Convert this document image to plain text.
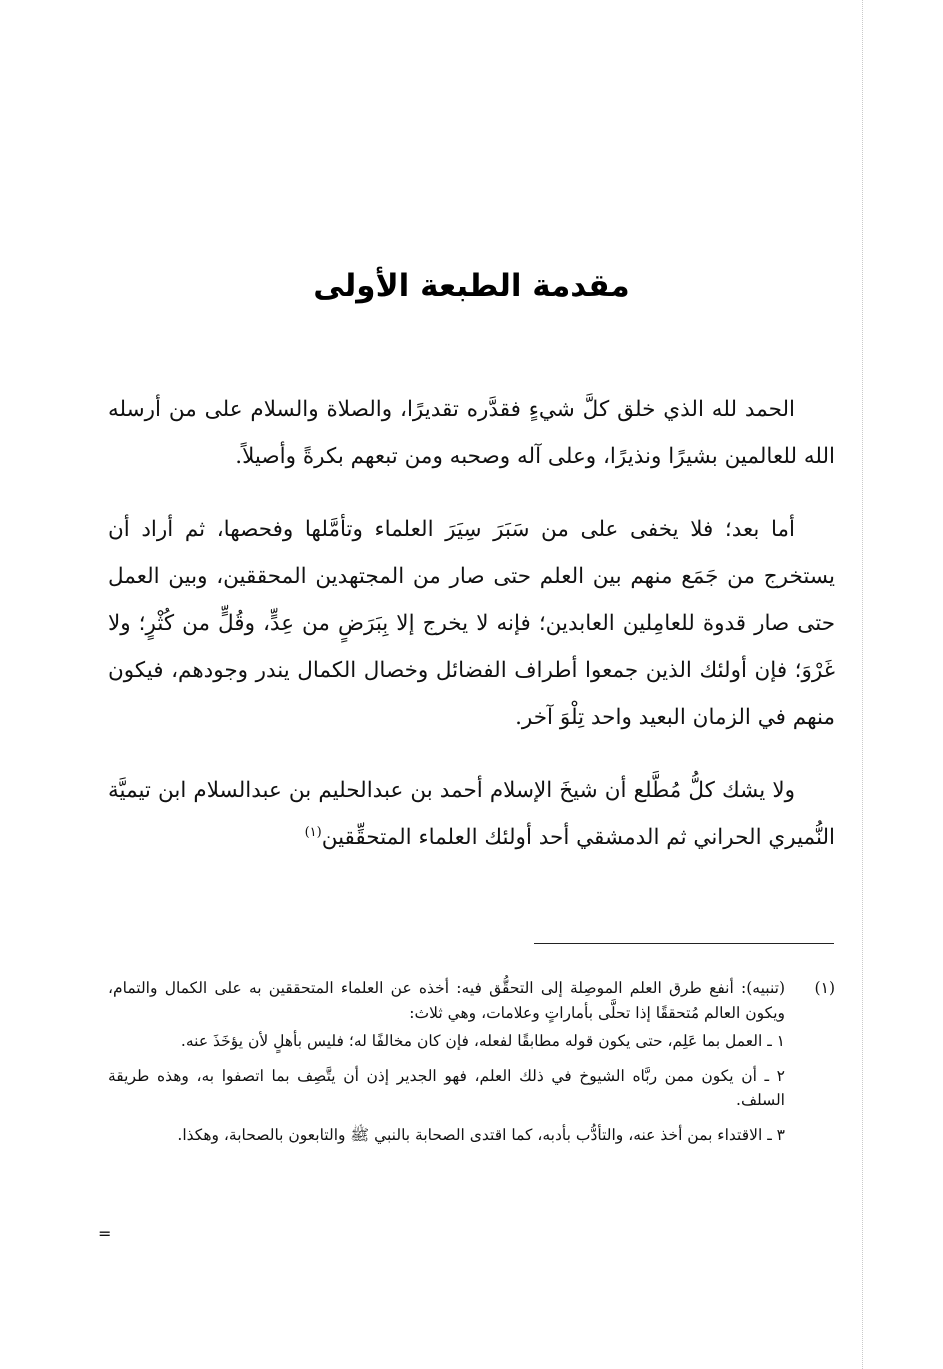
مقدمة الطبعة الأولى

الحمد لله الذي خلق كلَّ شيءٍ فقدَّره تقديرًا، والصلاة والسلام على من أرسله الله للعالمين بشيرًا ونذيرًا، وعلى آله وصحبه ومن تبعهم بكرةً وأصيلاً.

أما بعد؛ فلا يخفى على من سَبَرَ سِيَرَ العلماء وتأمَّلها وفحصها، ثم أراد أن يستخرج من جَمَع منهم بين العلم حتى صار من المجتهدين المحققين، وبين العمل حتى صار قدوة للعامِلين العابدين؛ فإنه لا يخرج إلا بِبَرَضٍ من عِدٍّ، وقُلٍّ من كُثْرٍ؛ ولا غَرْوَ؛ فإن أولئك الذين جمعوا أطراف الفضائل وخصال الكمال يندر وجودهم، فيكون منهم في الزمان البعيد واحد تِلْوَ آخر.

ولا يشك كلُّ مُطَّلع أن شيخَ الإسلام أحمد بن عبدالحليم بن عبدالسلام ابن تيميَّة النُّميري الحراني ثم الدمشقي أحد أولئك العلماء المتحقِّقين$^{(١)}$

(١)
(تنبيه): أنفع طرق العلم الموصِلة إلى التحقُّق فيه: أخذه عن العلماء المتحققين به على الكمال والتمام، ويكون العالم مُتحققًا إذا تحلَّى بأماراتٍ وعلامات، وهي ثلاث:
١ ـ العمل بما عَلِم، حتى يكون قوله مطابقًا لفعله، فإن كان مخالفًا له؛ فليس بأهلٍ لأن يؤخَذَ عنه.
٢ ـ أن يكون ممن ربَّاه الشيوخ في ذلك العلم، فهو الجدير إذن أن يتَّصِف بما اتصفوا به، وهذه طريقة السلف.
٣ ـ الاقتداء بمن أخذ عنه، والتأدُّب بأدبه، كما اقتدى الصحابة بالنبي ﷺ والتابعون بالصحابة، وهكذا.
=
